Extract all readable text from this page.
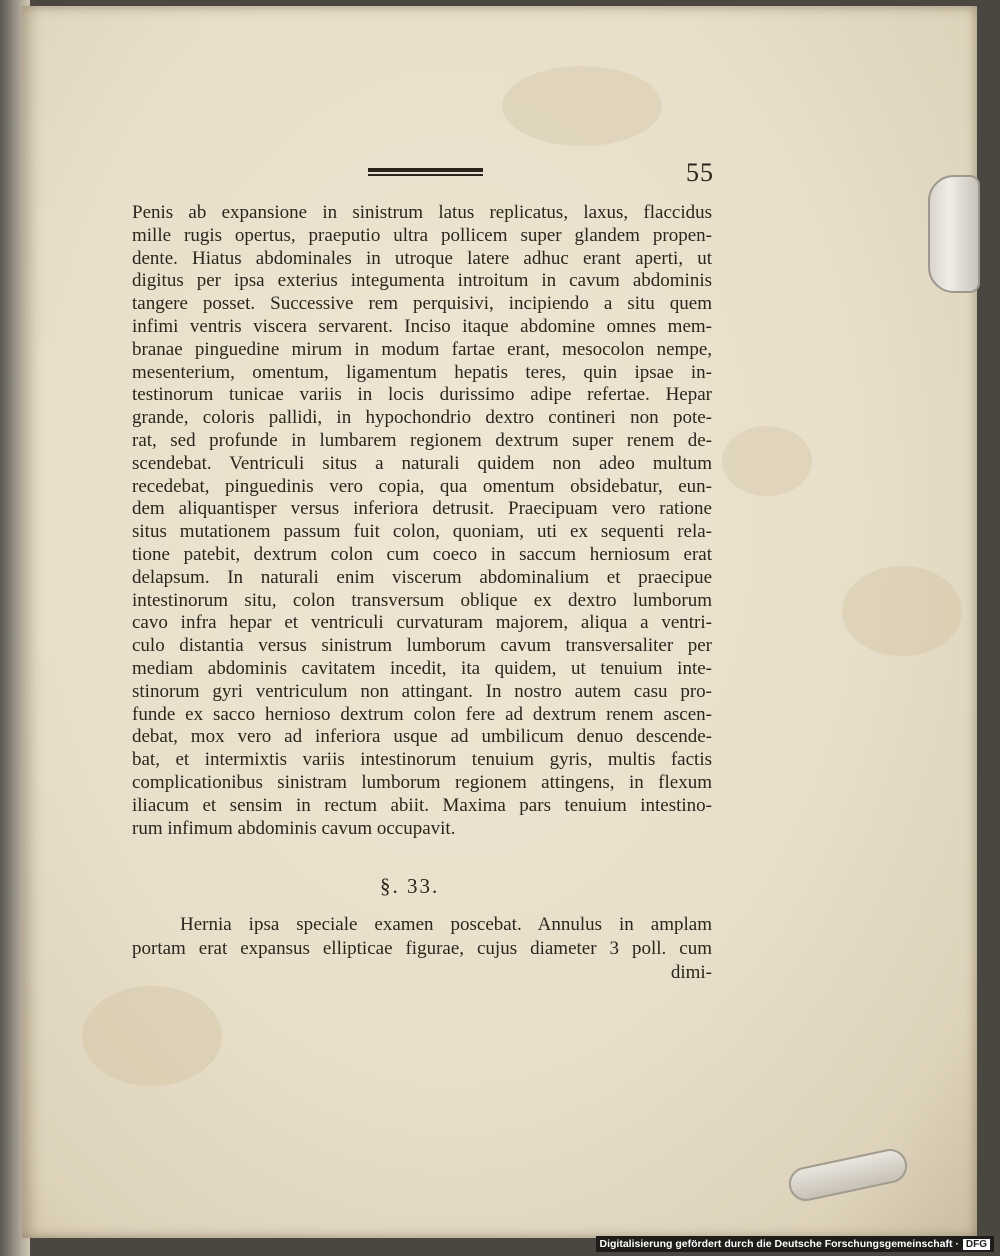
55
Penis ab expansione in sinistrum latus replicatus, laxus, flaccidus
mille rugis opertus, praeputio ultra pollicem super glandem propen-
dente. Hiatus abdominales in utroque latere adhuc erant aperti, ut
digitus per ipsa exterius integumenta introitum in cavum abdominis
tangere posset. Successive rem perquisivi, incipiendo a situ quem
infimi ventris viscera servarent. Inciso itaque abdomine omnes mem-
branae pinguedine mirum in modum fartae erant, mesocolon nempe,
mesenterium, omentum, ligamentum hepatis teres, quin ipsae in-
testinorum tunicae variis in locis durissimo adipe refertae. Hepar
grande, coloris pallidi, in hypochondrio dextro contineri non pote-
rat, sed profunde in lumbarem regionem dextrum super renem de-
scendebat. Ventriculi situs a naturali quidem non adeo multum
recedebat, pinguedinis vero copia, qua omentum obsidebatur, eun-
dem aliquantisper versus inferiora detrusit. Praecipuam vero ratione
situs mutationem passum fuit colon, quoniam, uti ex sequenti rela-
tione patebit, dextrum colon cum coeco in saccum herniosum erat
delapsum. In naturali enim viscerum abdominalium et praecipue
intestinorum situ, colon transversum oblique ex dextro lumborum
cavo infra hepar et ventriculi curvaturam majorem, aliqua a ventri-
culo distantia versus sinistrum lumborum cavum transversaliter per
mediam abdominis cavitatem incedit, ita quidem, ut tenuium inte-
stinorum gyri ventriculum non attingant. In nostro autem casu pro-
funde ex sacco hernioso dextrum colon fere ad dextrum renem ascen-
debat, mox vero ad inferiora usque ad umbilicum denuo descende-
bat, et intermixtis variis intestinorum tenuium gyris, multis factis
complicationibus sinistram lumborum regionem attingens, in flexum
iliacum et sensim in rectum abiit. Maxima pars tenuium intestino-
rum infimum abdominis cavum occupavit.
§. 33.
Hernia ipsa speciale examen poscebat. Annulus in amplam
portam erat expansus ellipticae figurae, cujus diameter 3 poll. cum
dimi-
Digitalisierung gefördert durch die Deutsche Forschungsgemeinschaft · DFG
